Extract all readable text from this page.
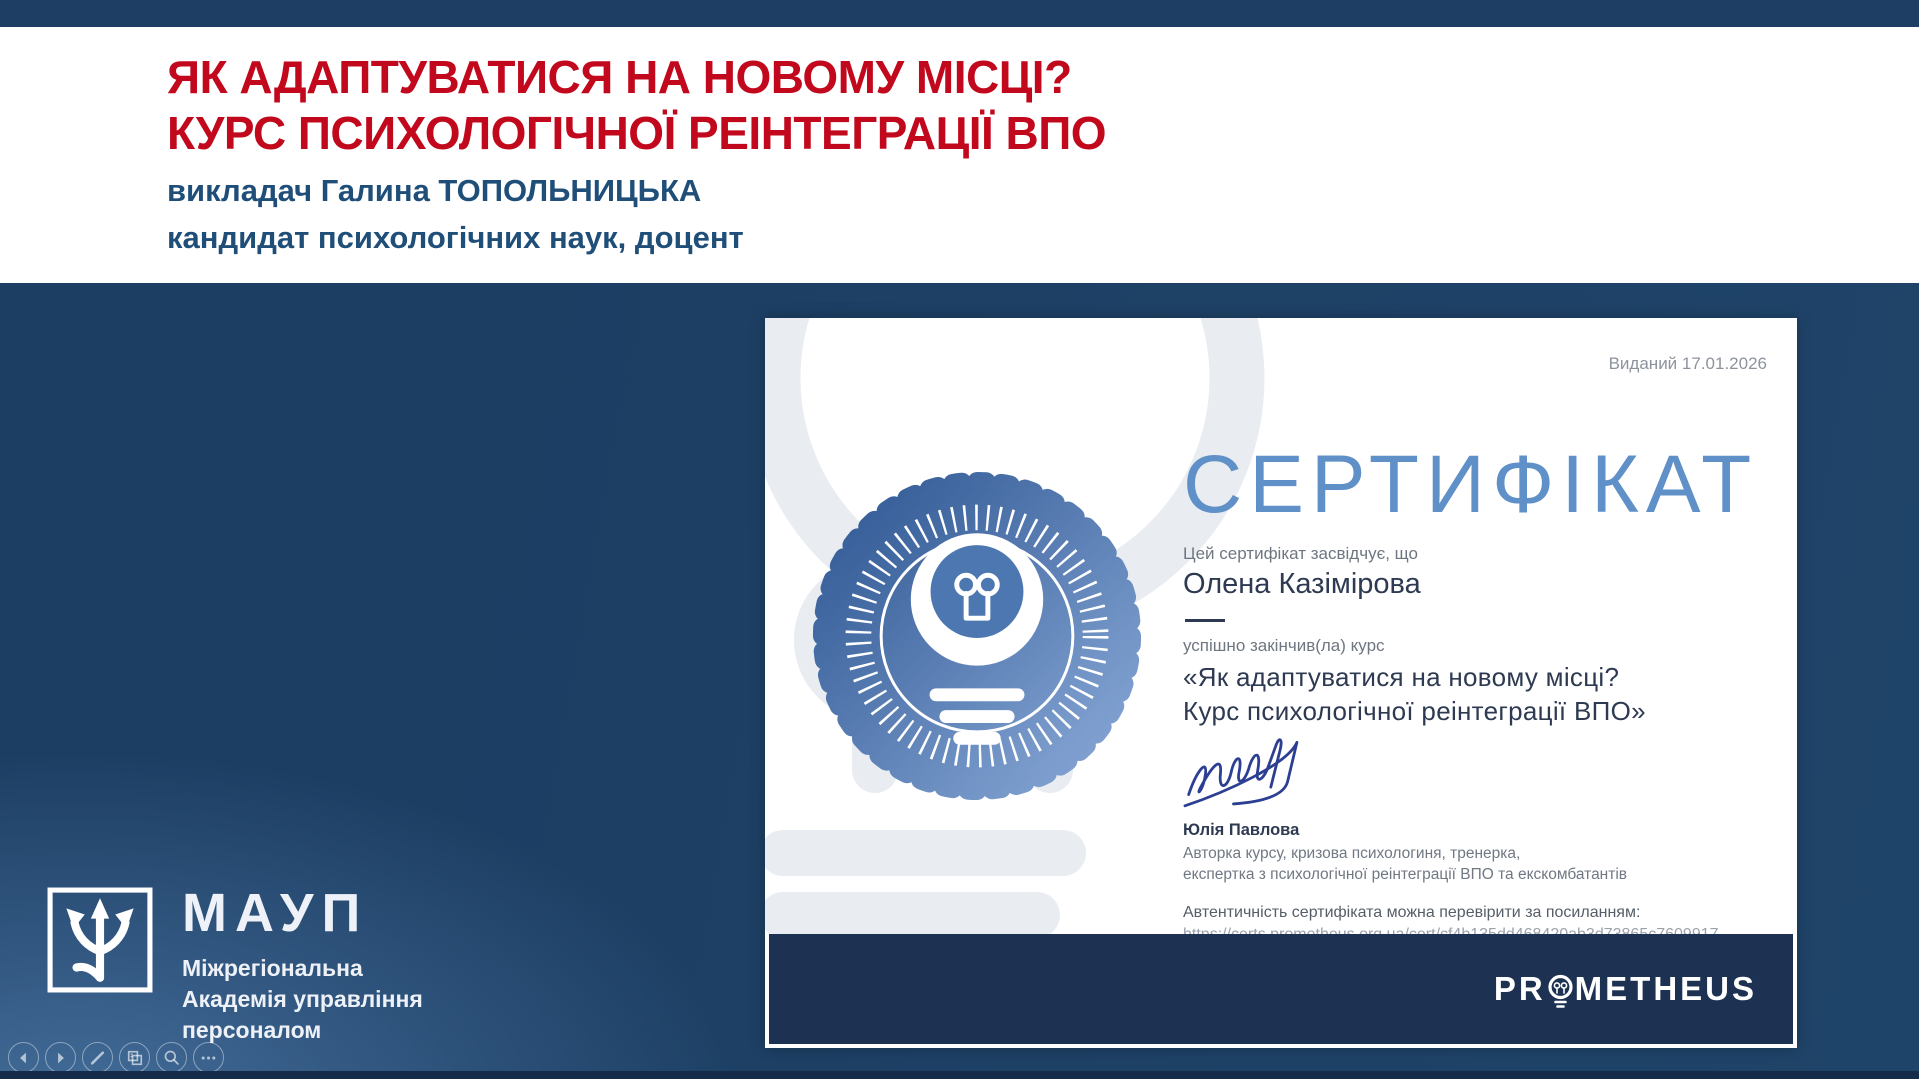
ЯК АДАПТУВАТИСЯ НА НОВОМУ МІСЦІ?
КУРС ПСИХОЛОГІЧНОЇ РЕІНТЕГРАЦІЇ ВПО
викладач Галина ТОПОЛЬНИЦЬКА
кандидат психологічних наук, доцент
Виданий 17.01.2026
СЕРТИФІКАТ
Цей сертифікат засвідчує, що
Олена Казімірова
успішно закінчив(ла) курс
«Як адаптуватися на новому місці?
Курс психологічної реінтеграції ВПО»
Юлія Павлова
Авторка курсу, кризова психологиня, тренерка,
експертка з психологічної реінтеграції ВПО та екскомбатантів
Автентичність сертифіката можна перевірити за посиланням:
PR METHEUS
МАУП
Міжрегіональна
Академія управління
персоналом
